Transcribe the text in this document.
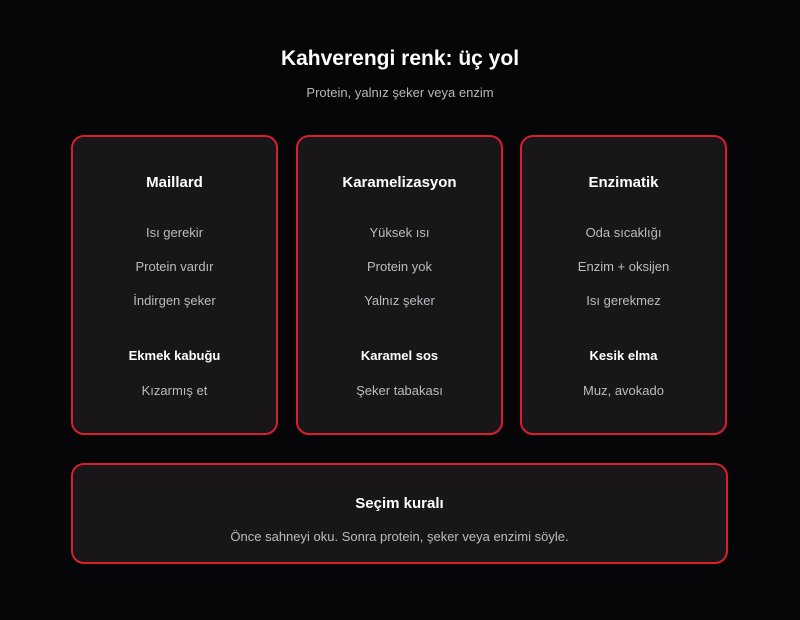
Kahverengi renk: üç yol
Protein, yalnız şeker veya enzim
Maillard
Isı gerekir
Protein vardır
İndirgen şeker
Ekmek kabuğu
Kızarmış et
Karamelizasyon
Yüksek ısı
Protein yok
Yalnız şeker
Karamel sos
Şeker tabakası
Enzimatik
Oda sıcaklığı
Enzim + oksijen
Isı gerekmez
Kesik elma
Muz, avokado
Seçim kuralı
Önce sahneyi oku. Sonra protein, şeker veya enzimi söyle.
